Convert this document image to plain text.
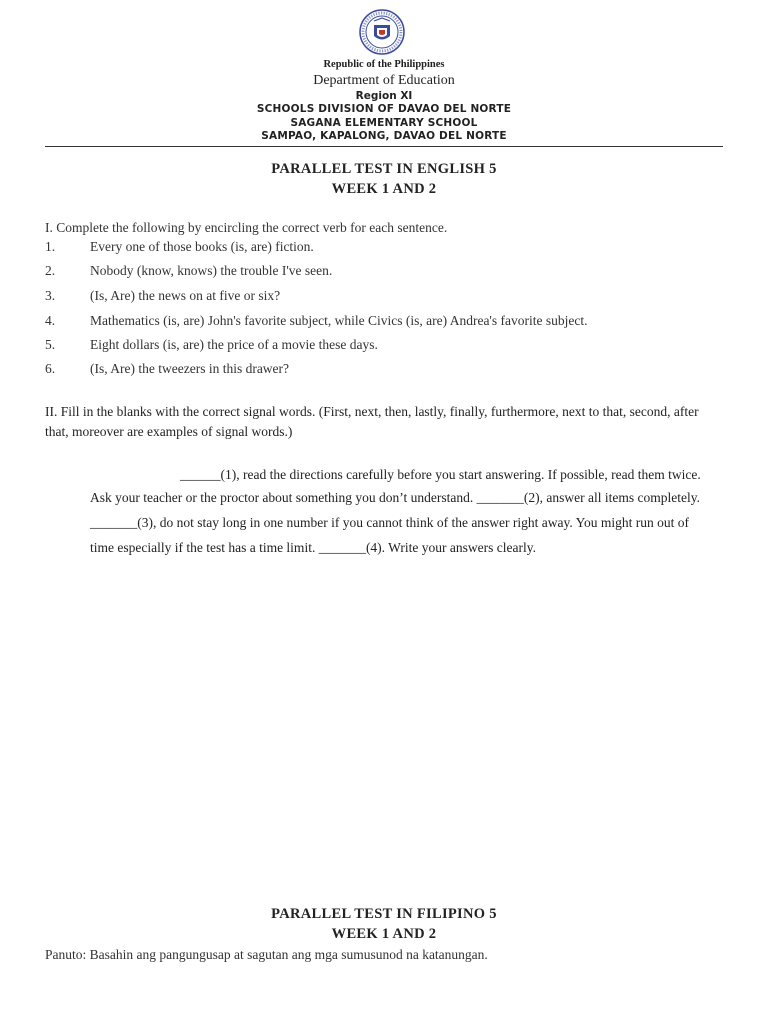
Republic of the Philippines
Department of Education
Region XI
SCHOOLS DIVISION OF DAVAO DEL NORTE
SAGANA ELEMENTARY SCHOOL
SAMPAO, KAPALONG, DAVAO DEL NORTE
PARALLEL TEST IN ENGLISH 5
WEEK 1 AND 2
I. Complete the following by encircling the correct verb for each sentence.
1.	Every one of those books (is, are) fiction.
2.	Nobody (know, knows) the trouble I've seen.
3.	(Is, Are) the news on at five or six?
4.	Mathematics (is, are) John's favorite subject, while Civics (is, are) Andrea's favorite subject.
5.	Eight dollars (is, are) the price of a movie these days.
6.	(Is, Are) the tweezers in this drawer?
II. Fill in the blanks with the correct signal words. (First, next, then, lastly, finally, furthermore, next to that, second, after that, moreover are examples of signal words.)
______(1), read the directions carefully before you start answering. If possible, read them twice.
Ask your teacher or the proctor about something you don’t understand. _______(2), answer all items completely.
_______(3), do not stay long in one number if you cannot think of the answer right away. You might run out of
time especially if the test has a time limit. _______(4). Write your answers clearly.
PARALLEL TEST IN FILIPINO 5
WEEK 1 AND 2
Panuto: Basahin ang pangungusap at sagutan ang mga sumusunod na katanungan.
